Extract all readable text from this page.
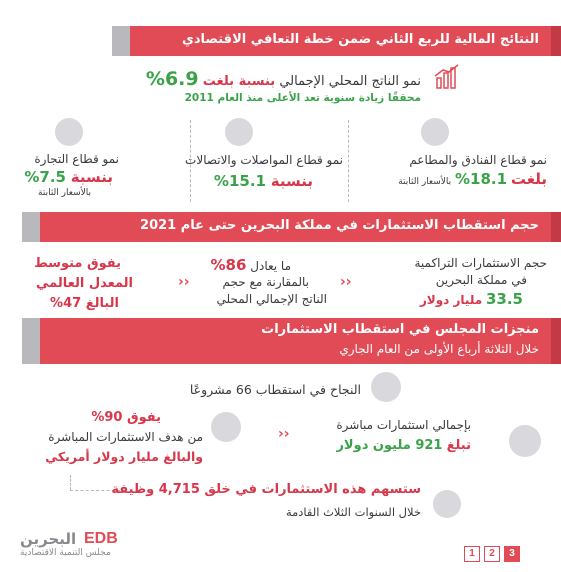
النتائج المالية للربع الثاني ضمن خطة التعافي الاقتصادي
نمو الناتج المحلي الإجمالي بنسبة بلغت 6.9%
محققًا زيادة سنوية تعد الأعلى منذ العام 2011
نمو قطاع الفنادق والمطاعم
بلغت 18.1% بالأسعار الثابتة
نمو قطاع المواصلات والاتصالات
بنسبة 15.1%
نمو قطاع التجارة
بنسبة 7.5%
بالأسعار الثابتة
حجم استقطاب الاستثمارات في مملكة البحرين حتى عام 2021
حجم الاستثمارات التراكمية
في مملكة البحرين
33.5 مليار دولار
‹‹
ما يعادل 86%
بالمقارنة مع حجم
الناتج الإجمالي المحلي
‹‹
يفوق متوسط
المعدل العالمي
البالغ 47%
منجزات المجلس في استقطاب الاستثمارات
خلال الثلاثة أرباع الأولى من العام الجاري
النجاح في استقطاب 66 مشروعًا
بإجمالي استثمارات مباشرة
تبلغ 921 مليون دولار
‹‹
يفوق 90%
من هدف الاستثمارات المباشرة
والبالغ مليار دولار أمريكي
ستسهم هذه الاستثمارات في خلق 4,715 وظيفة
خلال السنوات الثلاث القادمة
البحرين EDB
مجلس التنمية الاقتصادية	1	2	3
